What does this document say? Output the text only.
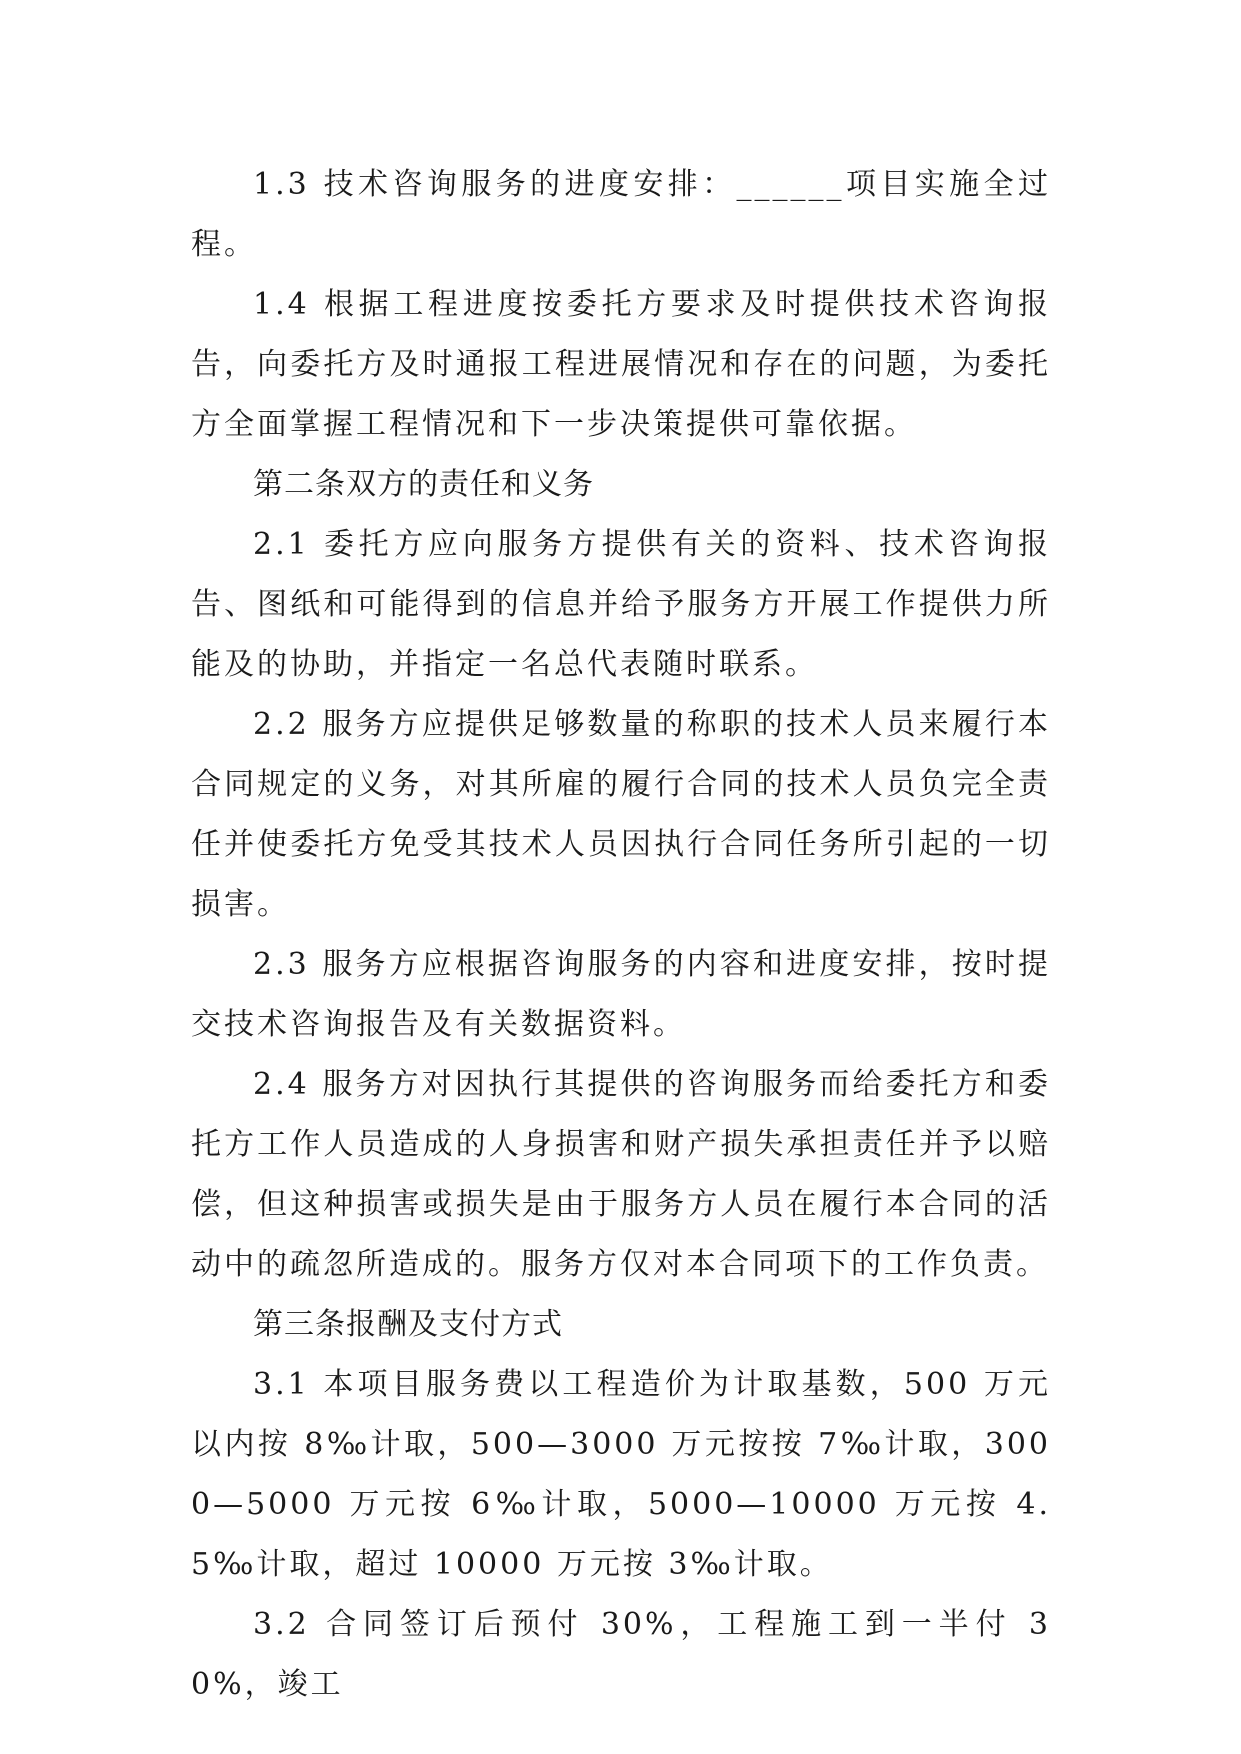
1.3 技术咨询服务的进度安排：______项目实施全过程。

1.4 根据工程进度按委托方要求及时提供技术咨询报告，向委托方及时通报工程进展情况和存在的问题，为委托方全面掌握工程情况和下一步决策提供可靠依据。

第二条双方的责任和义务

2.1 委托方应向服务方提供有关的资料、技术咨询报告、图纸和可能得到的信息并给予服务方开展工作提供力所能及的协助，并指定一名总代表随时联系。

2.2 服务方应提供足够数量的称职的技术人员来履行本合同规定的义务，对其所雇的履行合同的技术人员负完全责任并使委托方免受其技术人员因执行合同任务所引起的一切损害。

2.3 服务方应根据咨询服务的内容和进度安排，按时提交技术咨询报告及有关数据资料。

2.4 服务方对因执行其提供的咨询服务而给委托方和委托方工作人员造成的人身损害和财产损失承担责任并予以赔偿，但这种损害或损失是由于服务方人员在履行本合同的活动中的疏忽所造成的。服务方仅对本合同项下的工作负责。

第三条报酬及支付方式

3.1 本项目服务费以工程造价为计取基数，500 万元以内按 8‰计取，500—3000 万元按按 7‰计取，3000—5000 万元按 6‰计取，5000—10000 万元按 4.5‰计取，超过 10000 万元按 3‰计取。

3.2 合同签订后预付 30%，工程施工到一半付 30%，竣工
